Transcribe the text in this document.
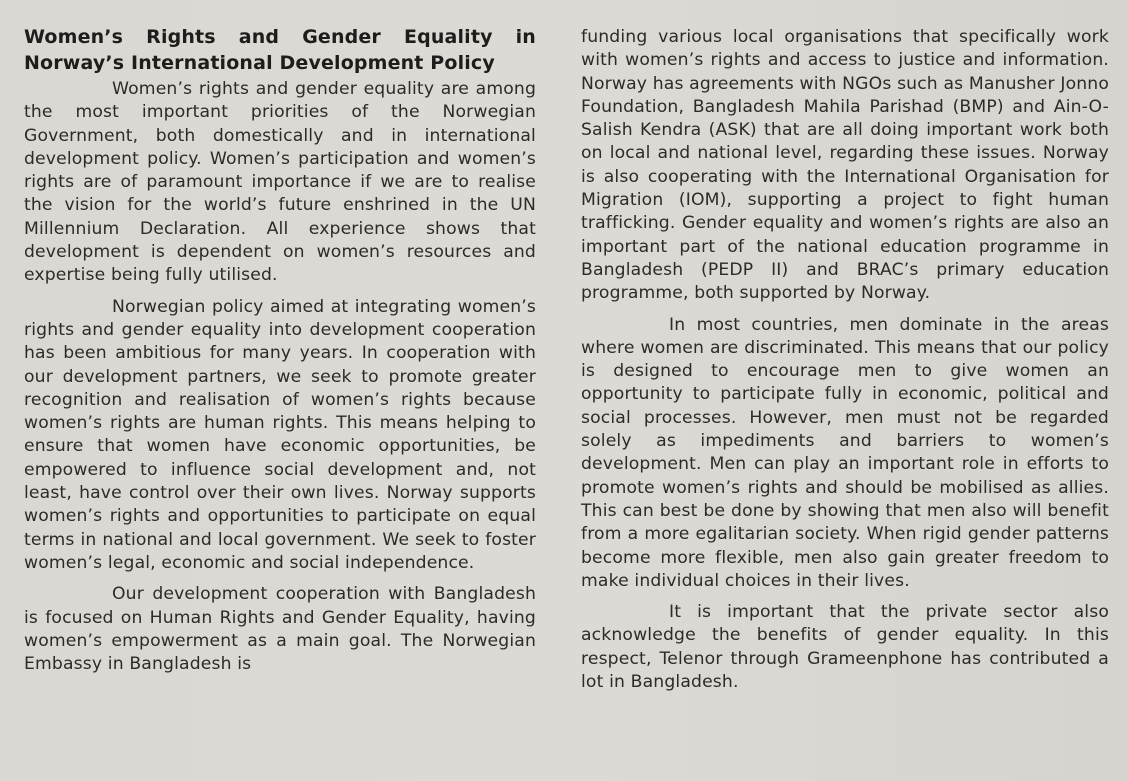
Women’s Rights and Gender Equality in
Norway’s International Development Policy

Women’s rights and gender equality are among the most important priorities of the Norwegian Government, both domestically and in international development policy. Women’s participation and women’s rights are of paramount importance if we are to realise the vision for the world’s future enshrined in the UN Millennium Declaration. All experience shows that development is dependent on women’s resources and expertise being fully utilised.

Norwegian policy aimed at integrating women’s rights and gender equality into development cooperation has been ambitious for many years. In cooperation with our development partners, we seek to promote greater recognition and realisation of women’s rights because women’s rights are human rights. This means helping to ensure that women have economic opportunities, be empowered to influence social development and, not least, have control over their own lives. Norway supports women’s rights and opportunities to participate on equal terms in national and local government. We seek to foster women’s legal, economic and social independence.

Our development cooperation with Bangladesh is focused on Human Rights and Gender Equality, having women’s empowerment as a main goal. The Norwegian Embassy in Bangladesh is

funding various local organisations that specifically work with women’s rights and access to justice and information. Norway has agreements with NGOs such as Manusher Jonno Foundation, Bangladesh Mahila Parishad (BMP) and Ain-O-Salish Kendra (ASK) that are all doing important work both on local and national level, regarding these issues. Norway is also cooperating with the International Organisation for Migration (IOM), supporting a project to fight human trafficking. Gender equality and women’s rights are also an important part of the national education programme in Bangladesh (PEDP II) and BRAC’s primary education programme, both supported by Norway.

In most countries, men dominate in the areas where women are discriminated. This means that our policy is designed to encourage men to give women an opportunity to participate fully in economic, political and social processes. However, men must not be regarded solely as impediments and barriers to women’s development. Men can play an important role in efforts to promote women’s rights and should be mobilised as allies. This can best be done by showing that men also will benefit from a more egalitarian society. When rigid gender patterns become more flexible, men also gain greater freedom to make individual choices in their lives.

It is important that the private sector also acknowledge the benefits of gender equality. In this respect, Telenor through Grameenphone has contributed a lot in Bangladesh.
